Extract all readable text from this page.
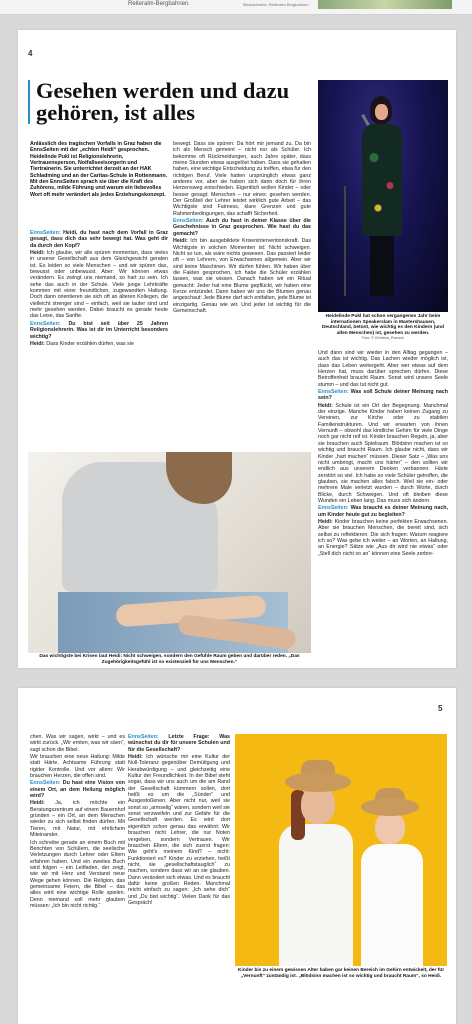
Reiteralm-Bergbahnen.	Bildnachweis: Reiteralm Bergbahnen
4
Gesehen werden und dazu gehören, ist alles
Anlässlich des tragischen Vorfalls in Graz haben die EnnsSeiten mit der „echten Heidi“ gesprochen. Heidelinde Pukl ist Religionslehrerin, Vertrauensperson, Notfallseelsorgerin und Tiertrainerin. Sie unterrichtet derzeit an der HAK Schladming und an der Caritas-Schule in Rottenmann. Mit den EnnsSeiten sprach sie über die Kraft des Zuhörens, milde Führung und warum ein liebevolles Wort oft mehr verändert als jedes Erziehungskonzept.

EnnsSeiten: Heidi, du hast nach dem Vorfall in Graz gesagt, dass dich das sehr bewegt hat. Was geht dir da durch den Kopf?

Heidi: Ich glaube, wir alle spüren momentan, dass vieles in unserer Gesellschaft aus dem Gleichgewicht geraten ist. Es leiden so viele Menschen – und wir spüren das, bewusst oder unbewusst. Aber: Wir können etwas verändern. Es zwingt uns niemand, so hart zu sein. Ich sehe das auch in der Schule. Viele junge Lehrkräfte kommen mit einer freundlichen, zugewandten Haltung. Doch dann orientieren sie sich oft an älteren Kollegen, die vielleicht strenger sind – einfach, weil sie lauter sind und mehr gesehen werden. Dabei braucht es gerade heute das Leise, das Sanfte.

EnnsSeiten: Du bist seit über 25 Jahren Religionslehrerin. Was ist dir im Unterricht besonders wichtig?

Heidi: Dass Kinder erzählen dürfen, was sie

bewegt. Dass sie spüren: Da hört mir jemand zu. Da bin ich als Mensch gemeint – nicht nur als Schüler. Ich bekomme oft Rückmeldungen, auch Jahre später, dass meine Stunden etwas ausgelöst haben. Dass sie gehalten haben, eine wichtige Entscheidung zu treffen, etwa für den richtigen Beruf. Viele hatten ursprünglich etwas ganz anderes vor, aber sie haben sich dann doch für ihren Herzensweg entschieden. Eigentlich wollen Kinder – oder besser gesagt: Menschen – nur eines: gesehen werden. Der Großteil der Lehrer leistet wirklich gute Arbeit – das Wichtigste sind Fairness, klare Grenzen und gute Rahmenbedingungen, das schafft Sicherheit.

EnnsSeiten: Auch du hast in deiner Klasse über die Geschehnisse in Graz gesprochen. Wie hast du das gemacht?

Heidi: Ich bin ausgebildete Kriseninterventionskraft. Das Wichtigste in solchen Momenten ist: Nicht schweigen. Nicht so tun, als wäre nichts gewesen. Das passiert leider oft – von Lehrern, von Erwachsenen allgemein. Aber wir sind keine Maschinen. Wir dürfen fühlen. Wir haben über die Fakten gesprochen, ich habe die Schüler erzählen lassen, was sie wissen. Danach haben wir ein Ritual gemacht: Jeder hat eine Blume gepflückt, wir haben eine Kerze entzündet. Dann haben wir uns die Blumen genau angeschaut: Jede Blume darf sich entfalten, jede Blume ist einzigartig. Genau wie wir. Und jeder ist wichtig für die Gemeinschaft.

Heidelinde Pukl hat schon vergangenes Jahr beim internationen Speakerslam in Mastershausen, Deutschland, betont, wie wichtig es den Kindern (und allen Menschen) ist, gesehen zu werden.
Foto: © Christina_Poersch

Und dann sind wir wieder in den Alltag gegangen – auch das ist wichtig. Das Lachen wieder möglich ist, dass das Leben weitergeht. Aber wer etwas auf dem Herzen hat, muss darüber sprechen dürfen. Diese Betroffenheit braucht Raum. Sonst wird unsere Seele stumm – und das tut nicht gut.

EnnsSeiten: Was soll Schule deiner Meinung nach sein?

Heidi: Schule ist ein Ort der Begegnung. Manchmal der einzige. Manche Kinder haben keinen Zugang zu Vereinen, zur Kirche oder zu stabilen Familienstrukturen. Und wir erwarten von ihnen Vernunft – obwohl das kindliche Gehirn für viele Dinge noch gar nicht reif ist. Kinder brauchen Regeln, ja, aber sie brauchen auch Spielraum. Blödsinn machen ist so wichtig und braucht Raum. Ich glaube nicht, dass wir Kinder „hart machen“ müssen. Dieser Satz – „Was uns nicht umbringt, macht uns härter“ – den sollten wir endlich aus unserem Denken verbannen. Härte zerstört so viel. Ich habe so viele Schüler getroffen, die glauben, sie machen alles falsch. Weil sie ein- oder mehrere Male verletzt wurden – durch Worte, durch Blicke, durch Schweigen. Und oft bleiben diese Wunden ein Leben lang. Das muss sich ändern.

EnnsSeiten: Was braucht es deiner Meinung nach, um Kinder heute gut zu begleiten?

Heidi: Kinder brauchen keine perfekten Erwachsenen. Aber sie brauchen Menschen, die bereit sind, sich selbst zu reflektieren. Die sich fragen: Warum reagiere ich so? Was gebe ich weiter – an Worten, an Haltung, an Energie? Sätze wie „Aus dir wird nie etwas“ oder „Stell dich nicht so an“ können eine Seele zerbre-

Das wichtigste bei Krisen laut Heidi: Nicht schweigen, sondern den Gefühle Raum geben und darüber reden. „Das Zugehörigkeitsgefühl ist so existenziell für uns Menschen.“
5

chen. Was wir sagen, wirkt – und es wirkt zurück. „Wir ernten, was wir säen“, sagt schon die Bibel.

Wir brauchen eine neue Haltung: Milde statt Härte. Achtsame Führung statt rigider Kontrolle. Und vor allem: Wir brauchen Herzen, die offen sind.

EnnsSeiten: Du hast eine Vision von einem Ort, an dem Heilung möglich wird?

Heidi: Ja, ich möchte ein Beratungszentrum auf einem Bauernhof gründen – ein Ort, an dem Menschen wieder zu sich selbst finden dürfen. Mit Tieren, mit Natur, mit ehrlichem Miteinander.

Ich schreibe gerade an einem Buch mit Berichten von Schülern, die seelische Verletzungen durch Lehrer oder Eltern erfahren haben. Und ein zweites Buch wird folgen – ein Leitfaden, der zeigt, wie wir mit Herz und Verstand neue Wege gehen können. Die Religion, das gemeinsame Feiern, die Bibel – das alles wird eine wichtige Rolle spielen. Denn niemand soll mehr glauben müssen: „Ich bin nicht richtig.“

EnnsSeiten: Letzte Frage: Was wünschst du dir für unsere Schulen und für die Gesellschaft?

Heidi: Ich wünsche mir eine Kultur der Null-Toleranz gegenüber Demütigung und Herabwürdigung – und gleichzeitig eine Kultur der Freundlichkeit. In der Bibel steht sogar, dass wir uns auch um die am Rand der Gesellschaft kümmern sollen, dort heißt es um die „Sünder“ und Ausgestoßenen. Aber nicht nur, weil sie sonst so „armselig“ wären, sondern weil sie sonst verzweifeln und zur Gefahr für die Gesellschaft werden. Es wird dort eigentlich schon genau das erwähnt: Wir brauchen nicht Lehrer, die nur Noten vergeben, sondern Vertrauen. Wir brauchen Eltern, die sich zuerst fragen: Wie geht's meinem Kind? – nicht: Funktioniert es? Kinder zu erziehen, heißt nicht, sie „gesellschaftstauglich“ zu machen, sondern dass wir an sie glauben. Dann verändert sich etwas. Und es braucht dafür keine großen Reden. Manchmal reicht einfach zu sagen: „Ich sehe dich“ und „Du bist wichtig“. Vielen Dank für das Gespräch!

Kinder bis zu einem gewissen Alter haben gar keinen Bereich im Gehirn entwickelt, der für „Vernunft“ zuständig ist. „Blödsinn machen ist so wichtig und braucht Raum“, so Heidi.
